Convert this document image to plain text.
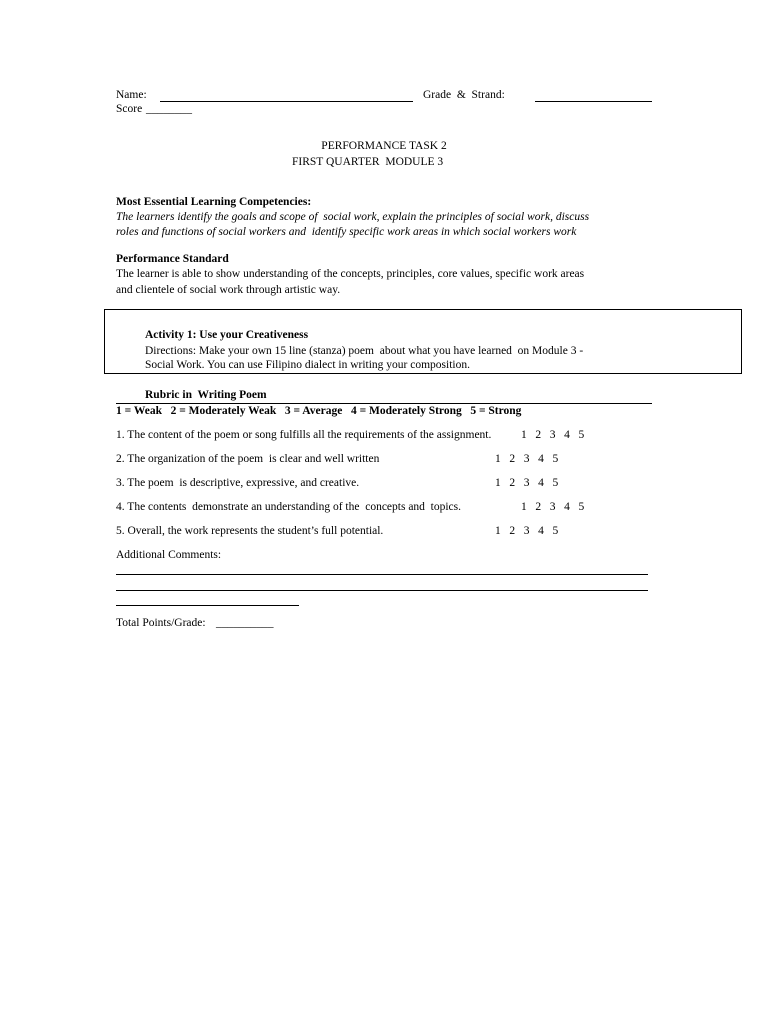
Name:	Grade  &  Strand:
Score ________
PERFORMANCE TASK 2
FIRST QUARTER  MODULE 3
Most Essential Learning Competencies:
The learners identify the goals and scope of  social work, explain the principles of social work, discuss
roles and functions of social workers and  identify specific work areas in which social workers work
Performance Standard
The learner is able to show understanding of the concepts, principles, core values, specific work areas
and clientele of social work through artistic way.
Activity 1: Use your Creativeness
Directions: Make your own 15 line (stanza) poem  about what you have learned  on Module 3 -
Social Work. You can use Filipino dialect in writing your composition.
Rubric in  Writing Poem
1 = Weak   2 = Moderately Weak   3 = Average   4 = Moderately Strong   5 = Strong
1. The content of the poem or song fulfills all the requirements of the assignment.	1   2   3   4   5
2. The organization of the poem  is clear and well written	1   2   3   4   5
3. The poem  is descriptive, expressive, and creative.	1   2   3   4   5
4. The contents  demonstrate an understanding of the  concepts and  topics.	1   2   3   4   5
5. Overall, the work represents the student’s full potential.	1   2   3   4   5
Additional Comments:
Total Points/Grade: __________
